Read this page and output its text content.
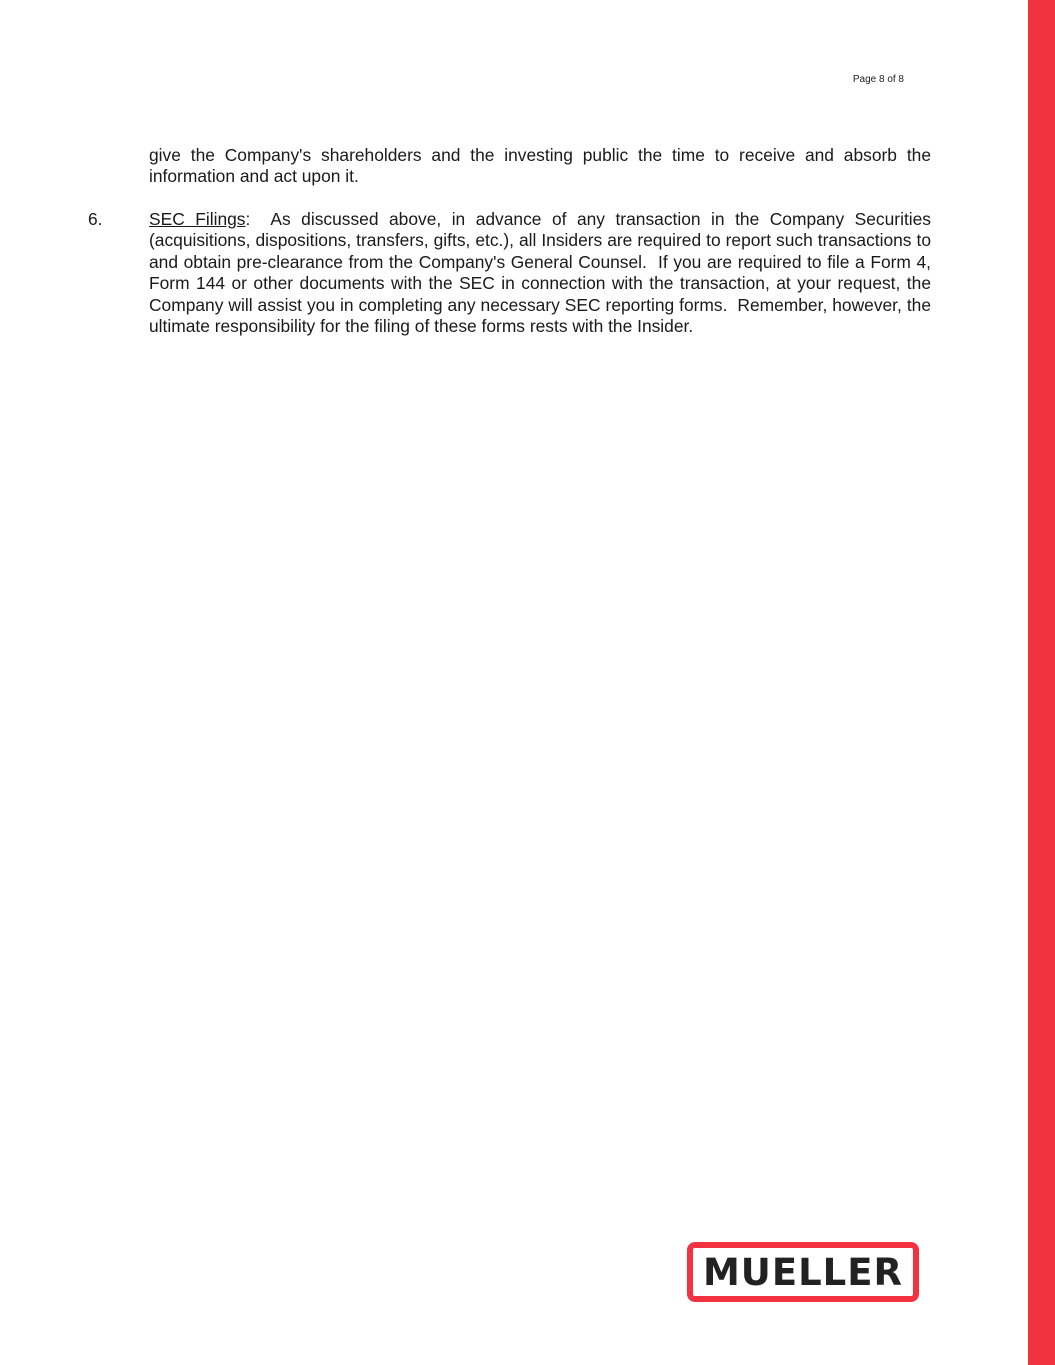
Page 8 of 8
give the Company's shareholders and the investing public the time to receive and absorb the information and act upon it.
6.	SEC Filings:  As discussed above, in advance of any transaction in the Company Securities (acquisitions, dispositions, transfers, gifts, etc.), all Insiders are required to report such transactions to and obtain pre-clearance from the Company's General Counsel.  If you are required to file a Form 4, Form 144 or other documents with the SEC in connection with the transaction, at your request, the Company will assist you in completing any necessary SEC reporting forms.  Remember, however, the ultimate responsibility for the filing of these forms rests with the Insider.
MUELLER
